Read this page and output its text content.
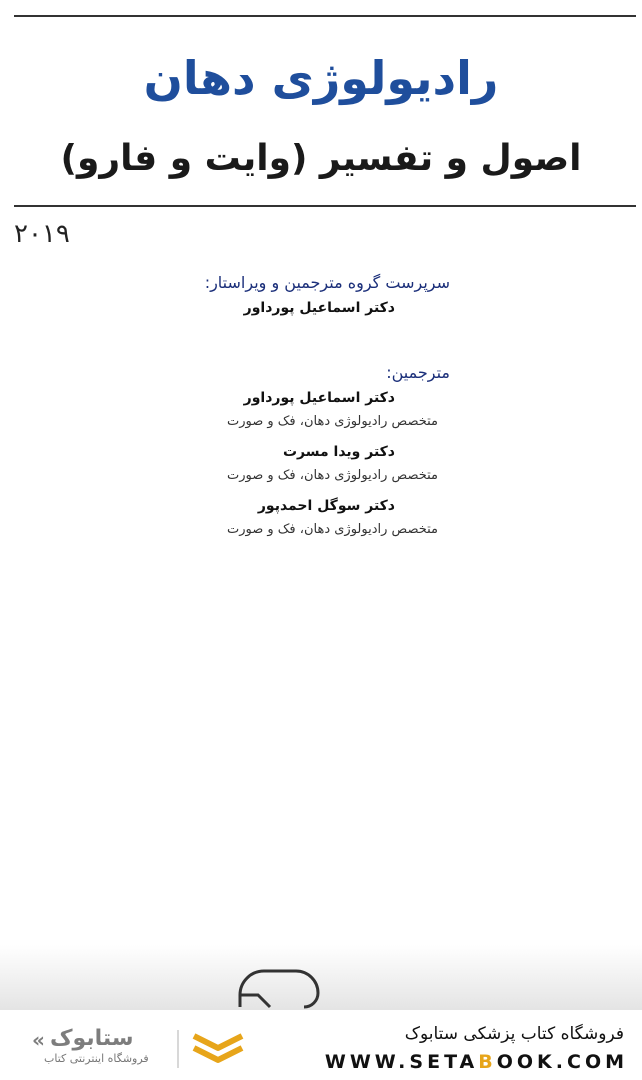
رادیولوژی دهان
اصول و تفسیر (وایت و فارو)
۲۰۱۹

سرپرست گروه مترجمین و ویراستار:

دکتر اسماعیل پورداور

مترجمین:

دکتر اسماعیل پورداور

متخصص رادیولوژی دهان، فک و صورت

دکتر ویدا مسرت

متخصص رادیولوژی دهان، فک و صورت

دکتر سوگل احمدپور

متخصص رادیولوژی دهان، فک و صورت

« ستابوک
فروشگاه اینترنتی کتاب
فروشگاه کتاب پزشکی ستابوک
WWW.SETABOOK.COM
